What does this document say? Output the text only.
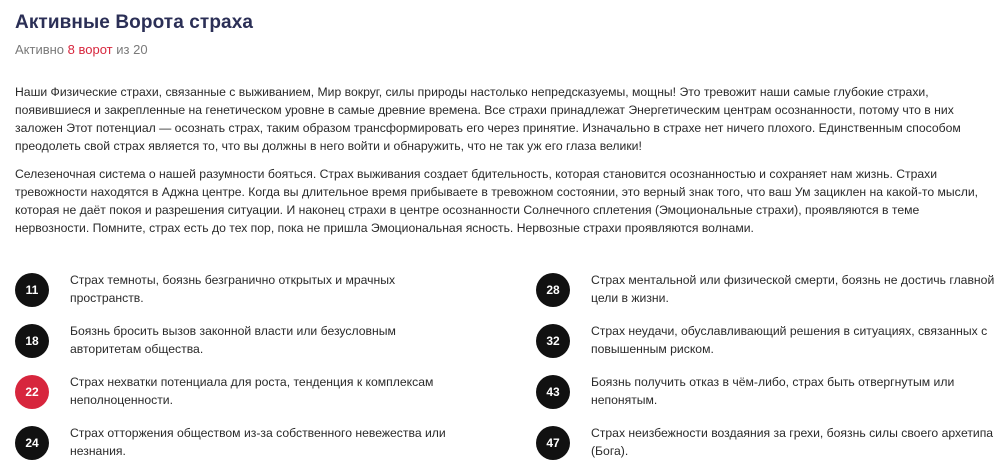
Активные Ворота страха
Активно 8 ворот из 20

Наши Физические страхи, связанные с выживанием, Мир вокруг, силы природы настолько непредсказуемы, мощны! Это тревожит наши самые глубокие страхи, появившиеся и закрепленные на генетическом уровне в самые древние времена. Все страхи принадлежат Энергетическим центрам осознанности, потому что в них заложен Этот потенциал — осознать страх, таким образом трансформировать его через принятие. Изначально в страхе нет ничего плохого. Единственным способом преодолеть свой страх является то, что вы должны в него войти и обнаружить, что не так уж его глаза велики!

Селезеночная система о нашей разумности бояться. Страх выживания создает бдительность, которая становится осознанностью и сохраняет нам жизнь. Страхи тревожности находятся в Аджна центре. Когда вы длительное время прибываете в тревожном состоянии, это верный знак того, что ваш Ум зациклен на какой-то мысли, которая не даёт покоя и разрешения ситуации. И наконец страхи в центре осознанности Солнечного сплетения (Эмоциональные страхи), проявляются в теме нервозности. Помните, страх есть до тех пор, пока не пришла Эмоциональная ясность. Нервозные страхи проявляются волнами.

11
Страх темноты, боязнь безгранично открытых и мрачных пространств.
18
Боязнь бросить вызов законной власти или безусловным авторитетам общества.
22
Страх нехватки потенциала для роста, тенденция к комплексам неполноценности.
24
Страх отторжения обществом из-за собственного невежества или незнания.
28
Страх ментальной или физической смерти, боязнь не достичь главной цели в жизни.
32
Страх неудачи, обуславливающий решения в ситуациях, связанных с повышенным риском.
43
Боязнь получить отказ в чём-либо, страх быть отвергнутым или непонятым.
47
Страх неизбежности воздаяния за грехи, боязнь силы своего архетипа (Бога).
